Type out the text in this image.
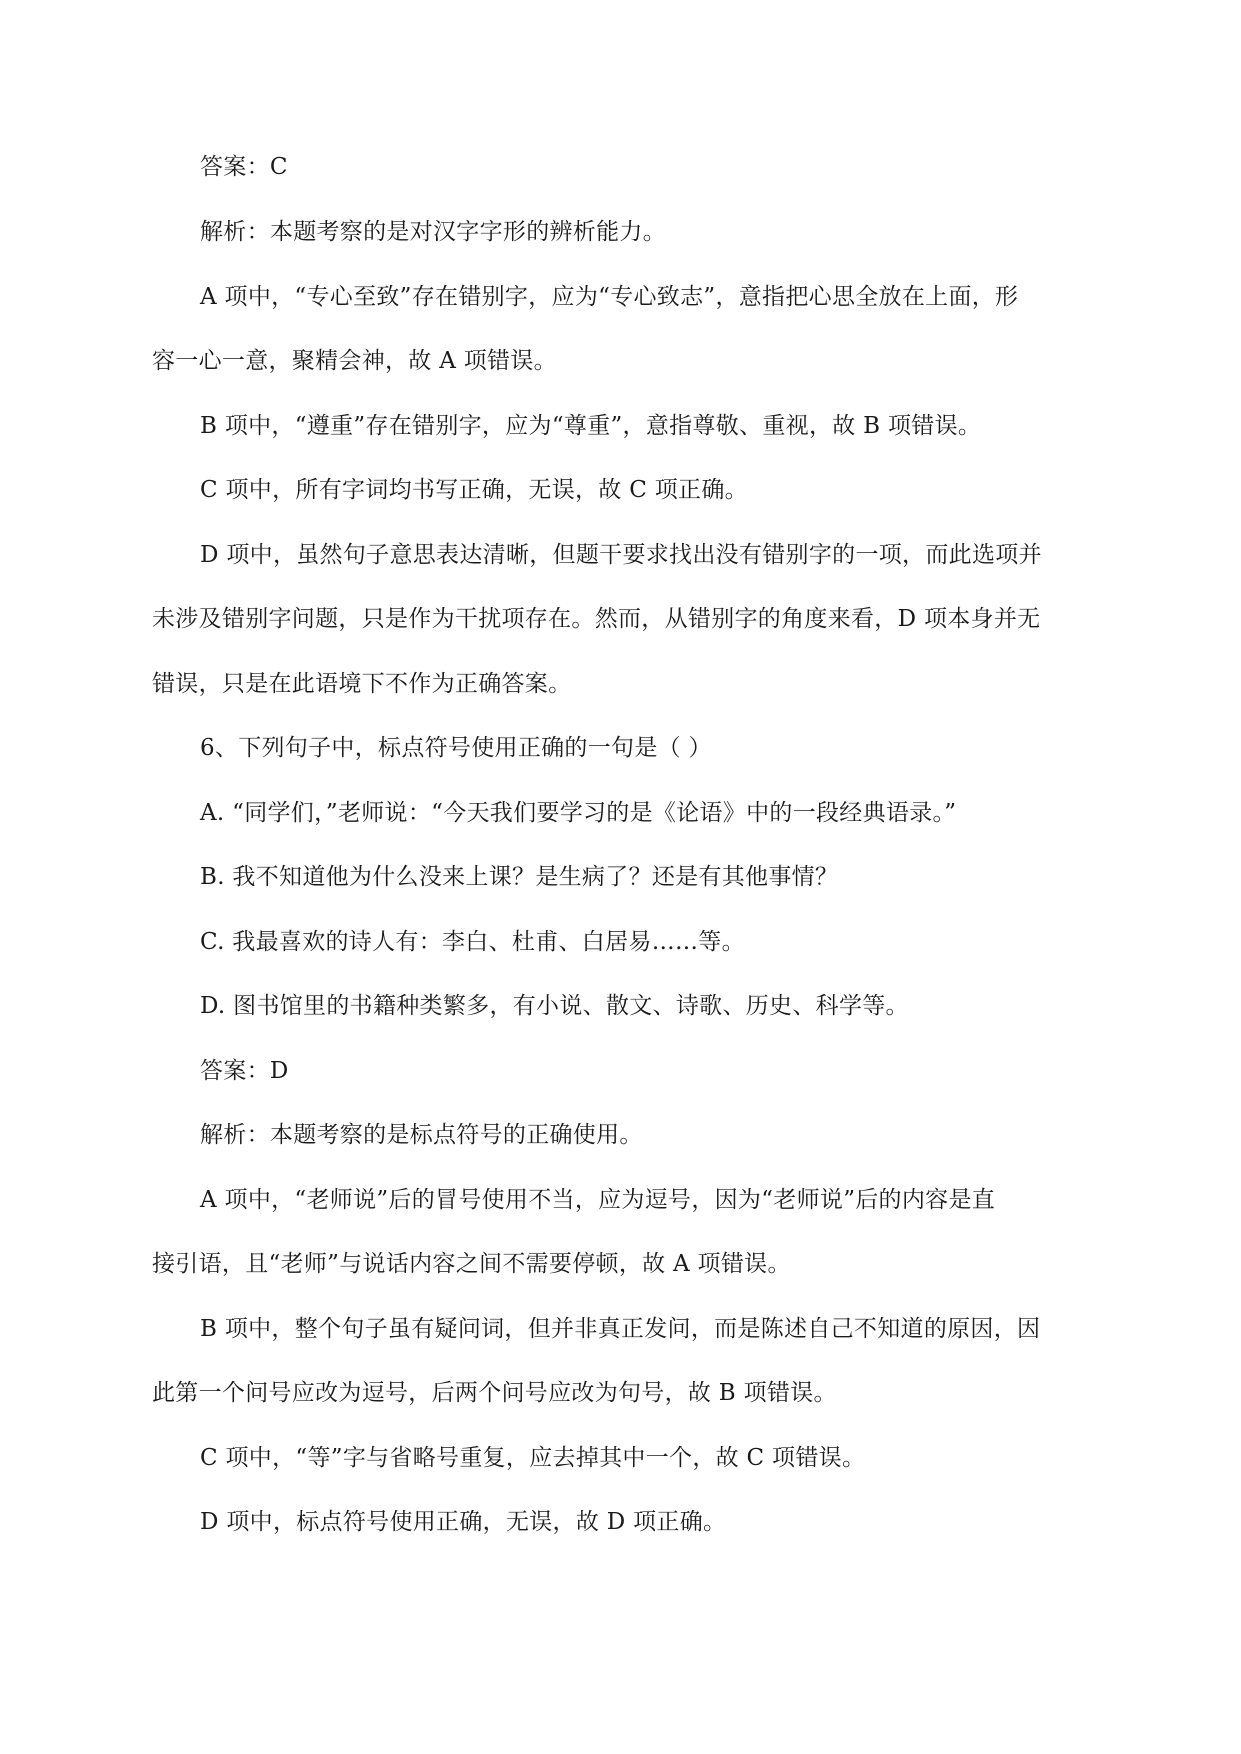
答案：C
解析：本题考察的是对汉字字形的辨析能力。
A 项中，“专心至致”存在错别字，应为“专心致志”，意指把心思全放在上面，形
容一心一意，聚精会神，故 A 项错误。
B 项中，“遵重”存在错别字，应为“尊重”，意指尊敬、重视，故 B 项错误。
C 项中，所有字词均书写正确，无误，故 C 项正确。
D 项中，虽然句子意思表达清晰，但题干要求找出没有错别字的一项，而此选项并
未涉及错别字问题，只是作为干扰项存在。然而，从错别字的角度来看，D 项本身并无
错误，只是在此语境下不作为正确答案。
6、下列句子中，标点符号使用正确的一句是（ ）
A. “同学们，”老师说：“今天我们要学习的是《论语》中的一段经典语录。”
B. 我不知道他为什么没来上课？是生病了？还是有其他事情？
C. 我最喜欢的诗人有：李白、杜甫、白居易……等。
D. 图书馆里的书籍种类繁多，有小说、散文、诗歌、历史、科学等。
答案：D
解析：本题考察的是标点符号的正确使用。
A 项中，“老师说”后的冒号使用不当，应为逗号，因为“老师说”后的内容是直
接引语，且“老师”与说话内容之间不需要停顿，故 A 项错误。
B 项中，整个句子虽有疑问词，但并非真正发问，而是陈述自己不知道的原因，因
此第一个问号应改为逗号，后两个问号应改为句号，故 B 项错误。
C 项中，“等”字与省略号重复，应去掉其中一个，故 C 项错误。
D 项中，标点符号使用正确，无误，故 D 项正确。
